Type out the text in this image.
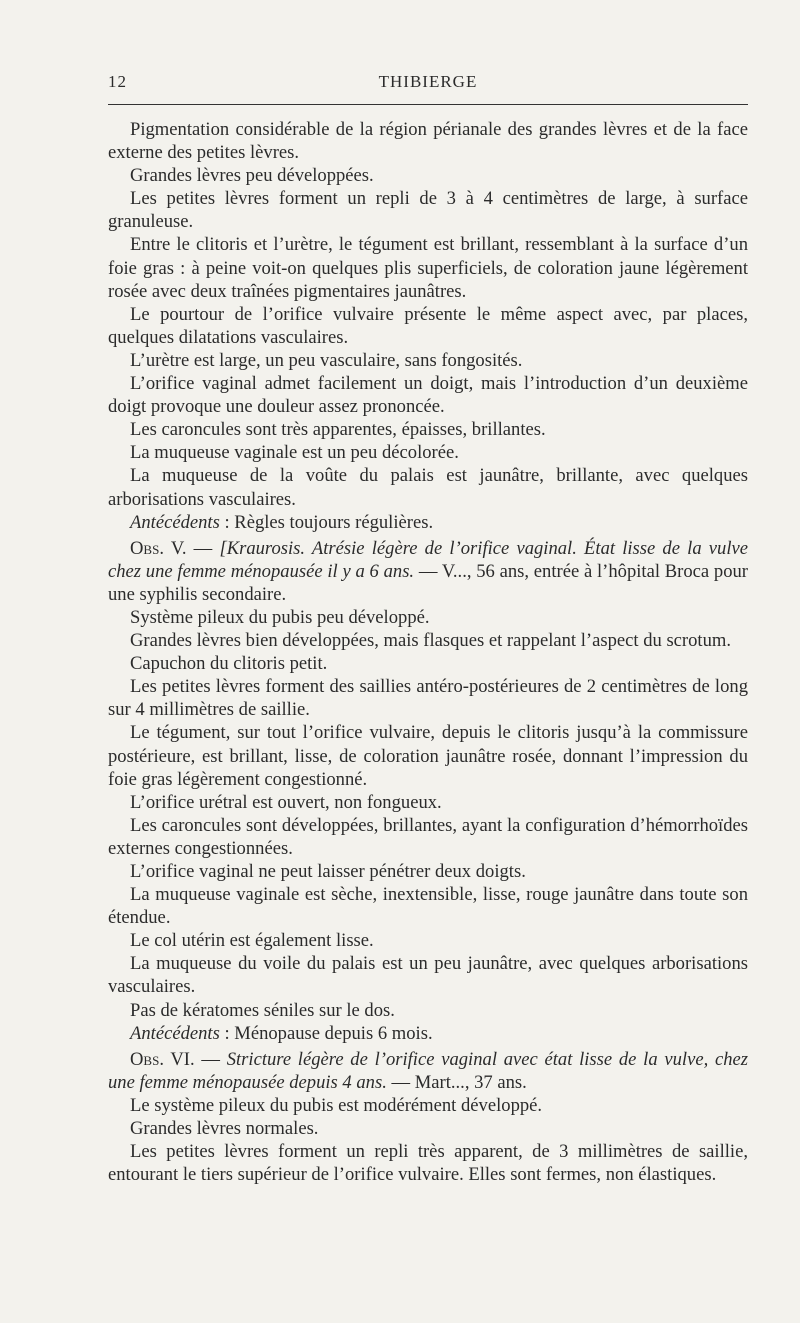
12	THIBIERGE

Pigmentation considérable de la région périanale des grandes lèvres et de la face externe des petites lèvres.

Grandes lèvres peu développées.

Les petites lèvres forment un repli de 3 à 4 centimètres de large, à surface granuleuse.

Entre le clitoris et l’urètre, le tégument est brillant, ressemblant à la surface d’un foie gras : à peine voit-on quelques plis superficiels, de coloration jaune légèrement rosée avec deux traînées pigmentaires jaunâtres.

Le pourtour de l’orifice vulvaire présente le même aspect avec, par places, quelques dilatations vasculaires.

L’urètre est large, un peu vasculaire, sans fongosités.

L’orifice vaginal admet facilement un doigt, mais l’introduction d’un deuxième doigt provoque une douleur assez prononcée.

Les caroncules sont très apparentes, épaisses, brillantes.

La muqueuse vaginale est un peu décolorée.

La muqueuse de la voûte du palais est jaunâtre, brillante, avec quelques arborisations vasculaires.

Antécédents : Règles toujours régulières.

Obs. V. — [Kraurosis. Atrésie légère de l’orifice vaginal. État lisse de la vulve chez une femme ménopausée il y a 6 ans. — V..., 56 ans, entrée à l’hôpital Broca pour une syphilis secondaire.

Système pileux du pubis peu développé.

Grandes lèvres bien développées, mais flasques et rappelant l’aspect du scrotum.

Capuchon du clitoris petit.

Les petites lèvres forment des saillies antéro-postérieures de 2 centimètres de long sur 4 millimètres de saillie.

Le tégument, sur tout l’orifice vulvaire, depuis le clitoris jusqu’à la commissure postérieure, est brillant, lisse, de coloration jaunâtre rosée, donnant l’impression du foie gras légèrement congestionné.

L’orifice urétral est ouvert, non fongueux.

Les caroncules sont développées, brillantes, ayant la configuration d’hémorrhoïdes externes congestionnées.

L’orifice vaginal ne peut laisser pénétrer deux doigts.

La muqueuse vaginale est sèche, inextensible, lisse, rouge jaunâtre dans toute son étendue.

Le col utérin est également lisse.

La muqueuse du voile du palais est un peu jaunâtre, avec quelques arborisations vasculaires.

Pas de kératomes séniles sur le dos.

Antécédents : Ménopause depuis 6 mois.

Obs. VI. — Stricture légère de l’orifice vaginal avec état lisse de la vulve, chez une femme ménopausée depuis 4 ans. — Mart..., 37 ans.

Le système pileux du pubis est modérément développé.

Grandes lèvres normales.

Les petites lèvres forment un repli très apparent, de 3 millimètres de saillie, entourant le tiers supérieur de l’orifice vulvaire. Elles sont fermes, non élastiques.
